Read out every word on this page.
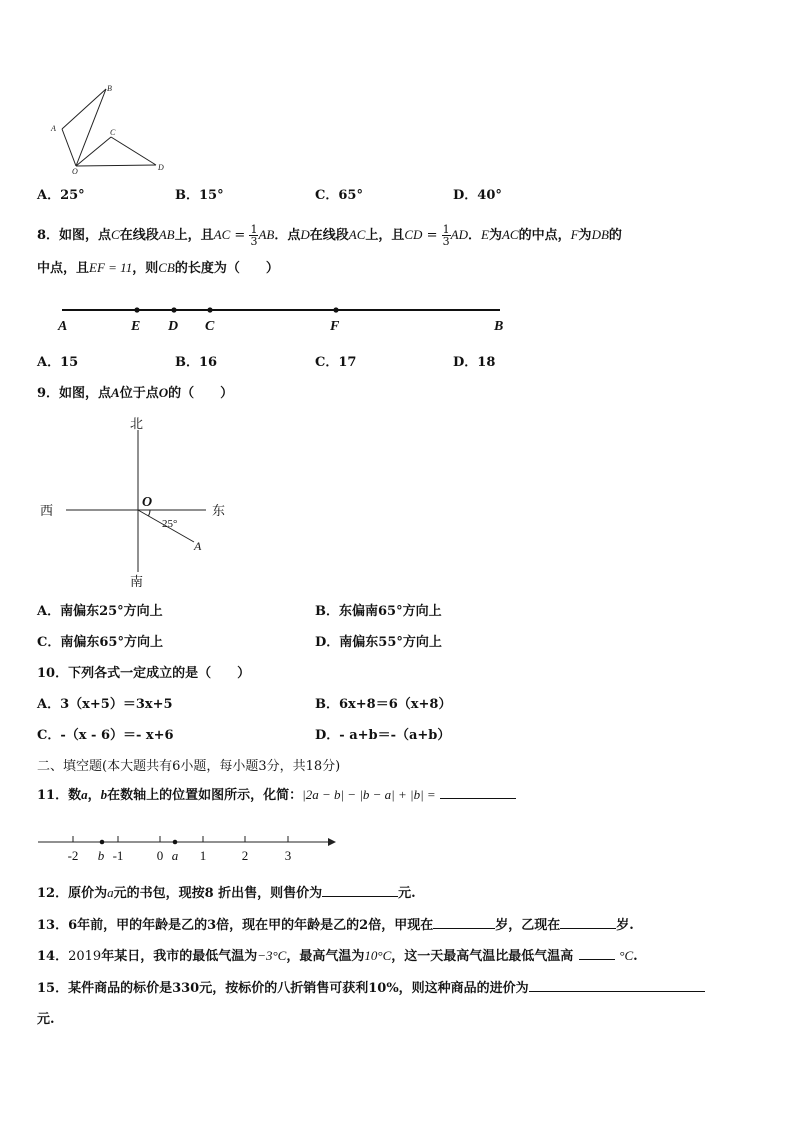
A
B
C
D
O
A．25°	B．15°	C．65°	D．40°
8．如图，点C在线段AB上，且AC = $\frac{1}{3}$ AB．点D在线段AC上，且CD = $\frac{1}{3}$ AD．E为AC的中点，F为DB的
中点，且EF = 11，则CB的长度为（　　）
A	E D C	F	B
A．15	B．16	C．17	D．18
9．如图，点A位于点O的（　　）
北
南
西	东
O
A
25°
A．南偏东25°方向上	B．东偏南65°方向上
C．南偏东65°方向上	D．南偏东55°方向上
10．下列各式一定成立的是（　　）
A．3（x+5）＝3x+5	B．6x+8＝6（x+8）
C．-（x - 6）＝- x+6	D．- a+b＝-（a+b）
二、填空题(本大题共有6小题，每小题3分，共18分)
11．数a，b在数轴上的位置如图所示，化简：|2a − b| − |b − a| + |b| =
-2 b -1	0 a 1	2	3
12．原价为a元的书包，现按8 折出售，则售价为	元.
13．6年前，甲的年龄是乙的3倍，现在甲的年龄是乙的2倍，甲现在	岁，乙现在	岁.
14．2019年某日，我市的最低气温为−3°C，最高气温为10°C，这一天最高气温比最低气温高	°C.
15．某件商品的标价是330元，按标价的八折销售可获利10%，则这种商品的进价为
元.
